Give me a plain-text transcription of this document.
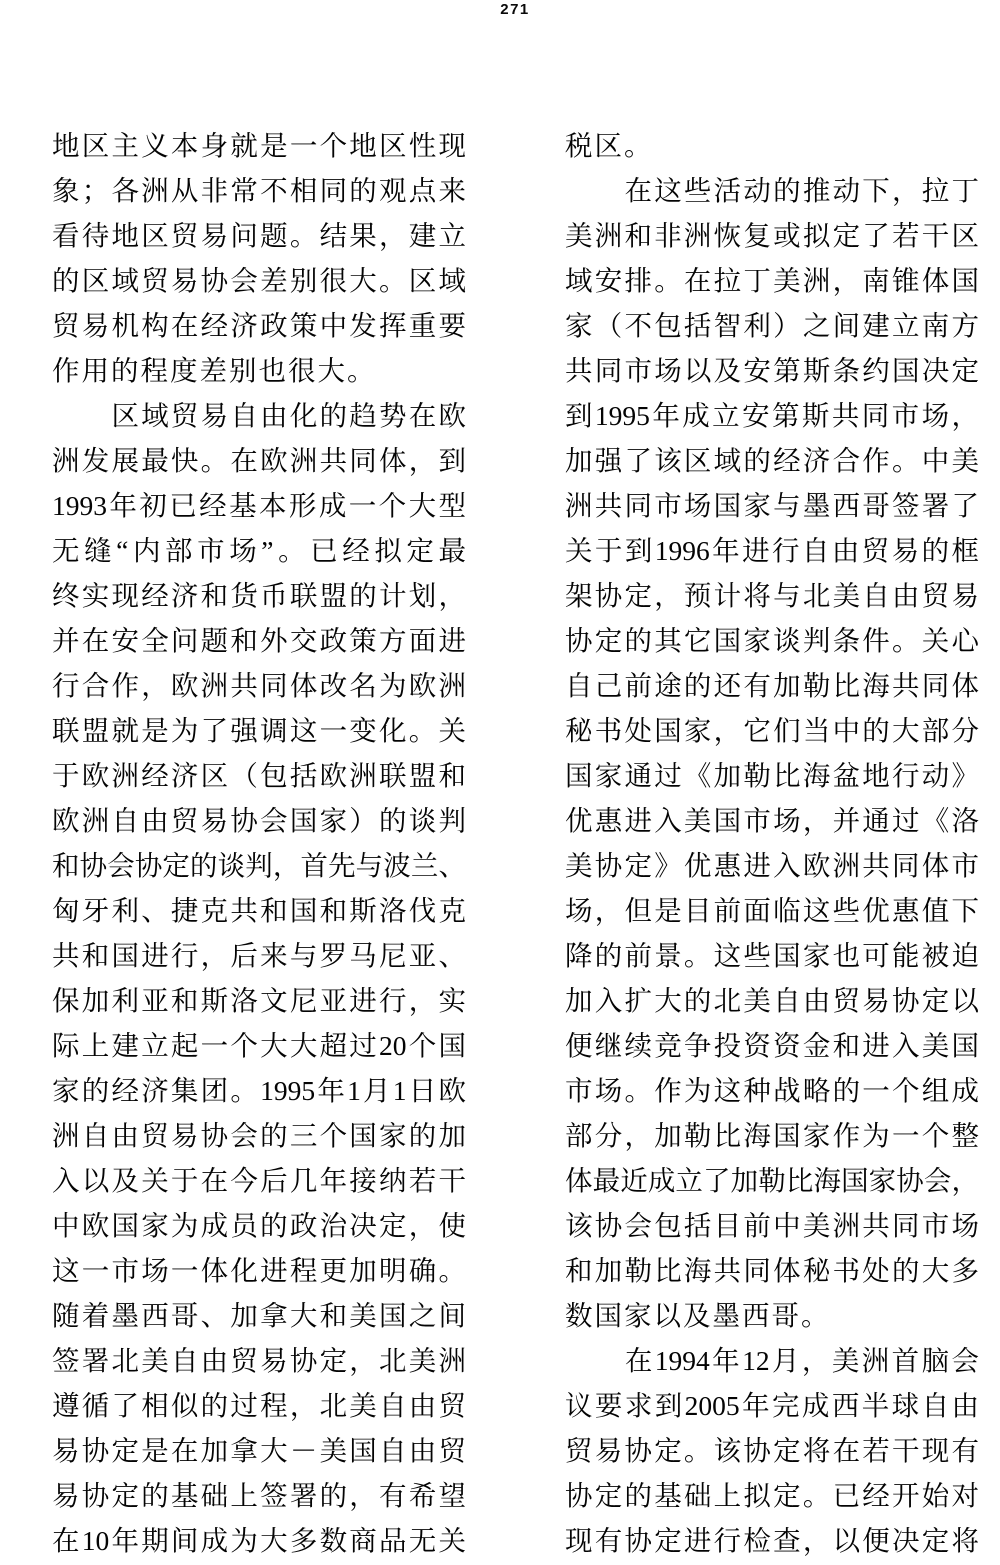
271
地区主义本身就是一个地区性现
象；各洲从非常不相同的观点来
看待地区贸易问题。结果，建立
的区域贸易协会差别很大。区域
贸易机构在经济政策中发挥重要
作用的程度差别也很大。
　　区域贸易自由化的趋势在欧
洲发展最快。在欧洲共同体，到
1993年初已经基本形成一个大型
无缝“内部市场”。已经拟定最
终实现经济和货币联盟的计划，
并在安全问题和外交政策方面进
行合作，欧洲共同体改名为欧洲
联盟就是为了强调这一变化。关
于欧洲经济区（包括欧洲联盟和
欧洲自由贸易协会国家）的谈判
和协会协定的谈判，首先与波兰、
匈牙利、捷克共和国和斯洛伐克
共和国进行，后来与罗马尼亚、
保加利亚和斯洛文尼亚进行，实
际上建立起一个大大超过20个国
家的经济集团。1995年1月1日欧
洲自由贸易协会的三个国家的加
入以及关于在今后几年接纳若干
中欧国家为成员的政治决定，使
这一市场一体化进程更加明确。
随着墨西哥、加拿大和美国之间
签署北美自由贸易协定，北美洲
遵循了相似的过程，北美自由贸
易协定是在加拿大－美国自由贸
易协定的基础上签署的，有希望
在10年期间成为大多数商品无关
税区。
　　在这些活动的推动下，拉丁
美洲和非洲恢复或拟定了若干区
域安排。在拉丁美洲，南锥体国
家（不包括智利）之间建立南方
共同市场以及安第斯条约国决定
到1995年成立安第斯共同市场，
加强了该区域的经济合作。中美
洲共同市场国家与墨西哥签署了
关于到1996年进行自由贸易的框
架协定，预计将与北美自由贸易
协定的其它国家谈判条件。关心
自己前途的还有加勒比海共同体
秘书处国家，它们当中的大部分
国家通过《加勒比海盆地行动》
优惠进入美国市场，并通过《洛
美协定》优惠进入欧洲共同体市
场，但是目前面临这些优惠值下
降的前景。这些国家也可能被迫
加入扩大的北美自由贸易协定以
便继续竞争投资资金和进入美国
市场。作为这种战略的一个组成
部分，加勒比海国家作为一个整
体最近成立了加勒比海国家协会，
该协会包括目前中美洲共同市场
和加勒比海共同体秘书处的大多
数国家以及墨西哥。
　　在1994年12月，美洲首脑会
议要求到2005年完成西半球自由
贸易协定。该协定将在若干现有
协定的基础上拟定。已经开始对
现有协定进行检查，以便决定将
